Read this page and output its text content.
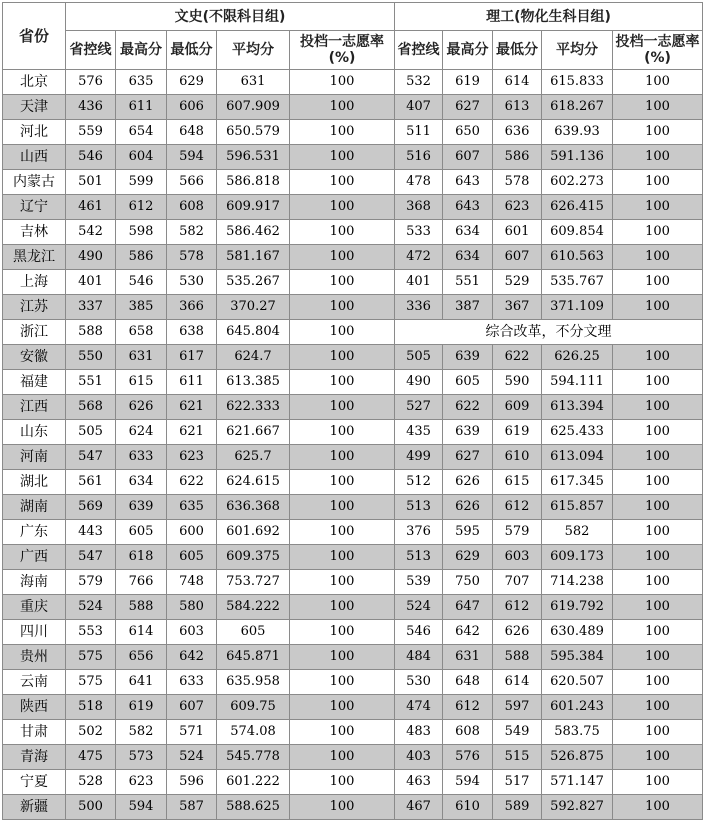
省份	文史(不限科目组)					理工(物化生科目组)				
	省控线	最高分	最低分	平均分	投档一志愿率(%)	省控线	最高分	最低分	平均分	投档一志愿率(%)
北京	576	635	629	631	100	532	619	614	615.833	100
天津	436	611	606	607.909	100	407	627	613	618.267	100
河北	559	654	648	650.579	100	511	650	636	639.93	100
山西	546	604	594	596.531	100	516	607	586	591.136	100
内蒙古	501	599	566	586.818	100	478	643	578	602.273	100
辽宁	461	612	608	609.917	100	368	643	623	626.415	100
吉林	542	598	582	586.462	100	533	634	601	609.854	100
黑龙江	490	586	578	581.167	100	472	634	607	610.563	100
上海	401	546	530	535.267	100	401	551	529	535.767	100
江苏	337	385	366	370.27	100	336	387	367	371.109	100
浙江	588	658	638	645.804	100	综合改革，不分文理				
安徽	550	631	617	624.7	100	505	639	622	626.25	100
福建	551	615	611	613.385	100	490	605	590	594.111	100
江西	568	626	621	622.333	100	527	622	609	613.394	100
山东	505	624	621	621.667	100	435	639	619	625.433	100
河南	547	633	623	625.7	100	499	627	610	613.094	100
湖北	561	634	622	624.615	100	512	626	615	617.345	100
湖南	569	639	635	636.368	100	513	626	612	615.857	100
广东	443	605	600	601.692	100	376	595	579	582	100
广西	547	618	605	609.375	100	513	629	603	609.173	100
海南	579	766	748	753.727	100	539	750	707	714.238	100
重庆	524	588	580	584.222	100	524	647	612	619.792	100
四川	553	614	603	605	100	546	642	626	630.489	100
贵州	575	656	642	645.871	100	484	631	588	595.384	100
云南	575	641	633	635.958	100	530	648	614	620.507	100
陕西	518	619	607	609.75	100	474	612	597	601.243	100
甘肃	502	582	571	574.08	100	483	608	549	583.75	100
青海	475	573	524	545.778	100	403	576	515	526.875	100
宁夏	528	623	596	601.222	100	463	594	517	571.147	100
新疆	500	594	587	588.625	100	467	610	589	592.827	100
